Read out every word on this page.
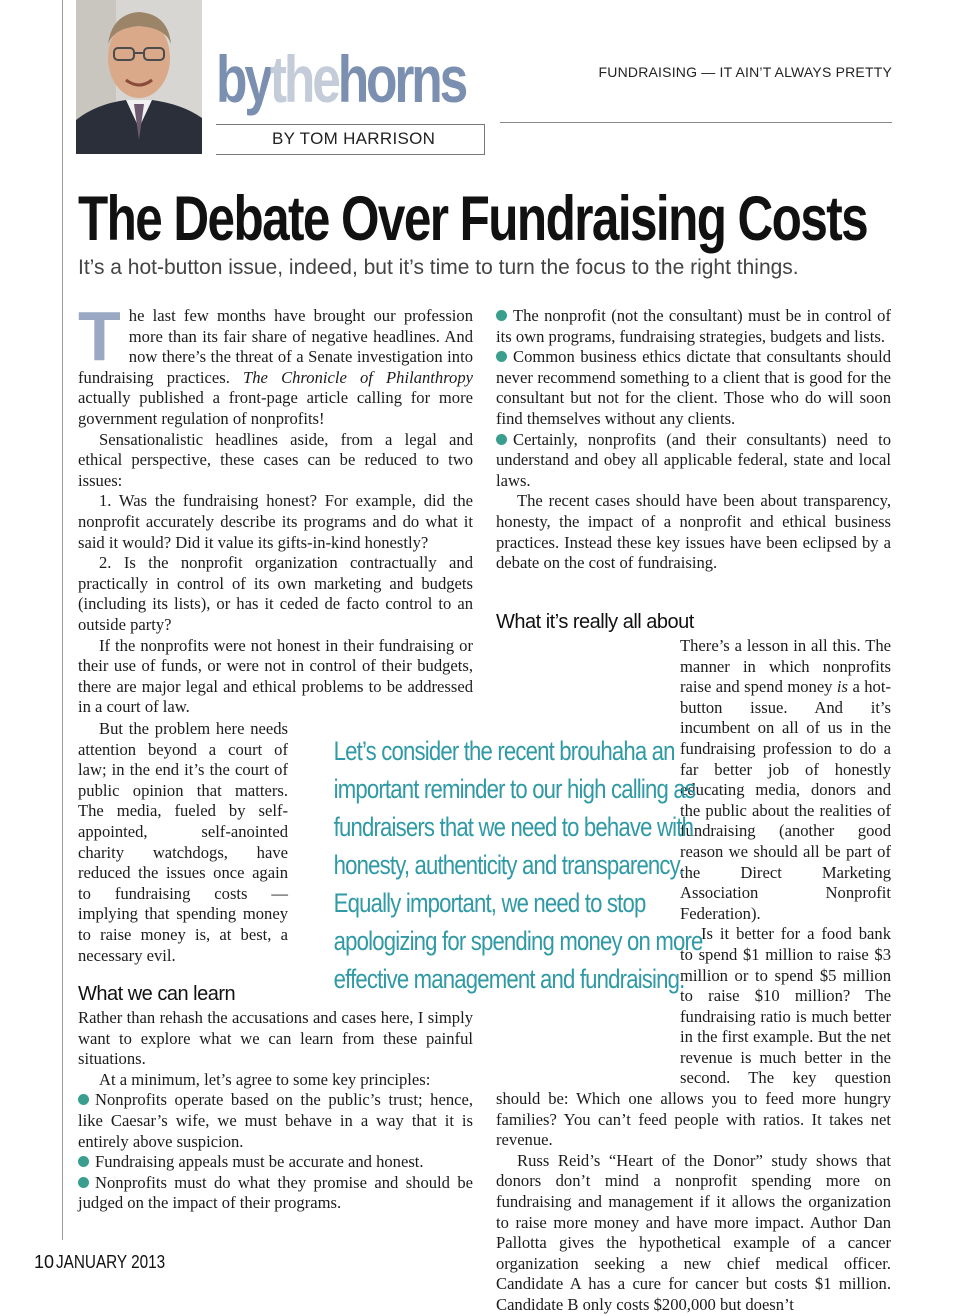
bythehorns
BY TOM HARRISON
FUNDRAISING — IT AIN’T ALWAYS PRETTY
The Debate Over Fundraising Costs
It’s a hot-button issue, indeed, but it’s time to turn the focus to the right things.

The last few months have brought our profession more than its fair share of negative headlines. And now there’s the threat of a Senate investigation into fundraising practices. The Chronicle of Philanthropy actually published a front-page article calling for more government regulation of nonprofits!

Sensationalistic headlines aside, from a legal and ethical perspective, these cases can be reduced to two issues:

1. Was the fundraising honest? For example, did the nonprofit accurately describe its programs and do what it said it would? Did it value its gifts-in-kind honestly?

2. Is the nonprofit organization contractually and practically in control of its own marketing and budgets (including its lists), or has it ceded de facto control to an outside party?

If the nonprofits were not honest in their fundraising or their use of funds, or were not in control of their budgets, there are major legal and ethical problems to be addressed in a court of law.

But the problem here needs attention beyond a court of law; in the end it’s the court of public opinion that matters. The media, fueled by self-appointed, self-anointed charity watchdogs, have reduced the issues once again to fundraising costs — implying that spending money to raise money is, at best, a necessary evil.

What we can learn

Rather than rehash the accusations and cases here, I simply want to explore what we can learn from these painful situations.

At a minimum, let’s agree to some key principles:

Nonprofits operate based on the public’s trust; hence, like Caesar’s wife, we must behave in a way that it is entirely above suspicion.

Fundraising appeals must be accurate and honest.

Nonprofits must do what they promise and should be judged on the impact of their programs.

The nonprofit (not the consultant) must be in control of its own programs, fundraising strategies, budgets and lists.

Common business ethics dictate that consultants should never recommend something to a client that is good for the consultant but not for the client. Those who do will soon find themselves without any clients.

Certainly, nonprofits (and their consultants) need to understand and obey all applicable federal, state and local laws.

The recent cases should have been about transparency, honesty, the impact of a nonprofit and ethical business practices. Instead these key issues have been eclipsed by a debate on the cost of fundraising.

What it’s really all about

There’s a lesson in all this. The manner in which nonprofits raise and spend money is a hot-button issue. And it’s incumbent on all of us in the fundraising profession to do a far better job of honestly educating media, donors and the public about the realities of fundraising (another good reason we should all be part of the Direct Marketing Association Nonprofit Federation).

Is it better for a food bank to spend $1 million to raise $3 million or to spend $5 million to raise $10 million? The fundraising ratio is much better in the first example. But the net revenue is much better in the second. The key question should be: Which one allows you to feed more hungry families? You can’t feed people with ratios. It takes net revenue.

Russ Reid’s “Heart of the Donor” study shows that donors don’t mind a nonprofit spending more on fundraising and management if it allows the organization to raise more money and have more impact. Author Dan Pallotta gives the hypothetical example of a cancer organization seeking a new chief medical officer. Candidate A has a cure for cancer but costs $1 million. Candidate B only costs $200,000 but doesn’t

Let’s consider the recent brouhaha an
important reminder to our high calling as
fundraisers that we need to behave with
honesty, authenticity and transparency.
Equally important, we need to stop
apologizing for spending money on more
effective management and fundraising.
10 JANUARY 2013
